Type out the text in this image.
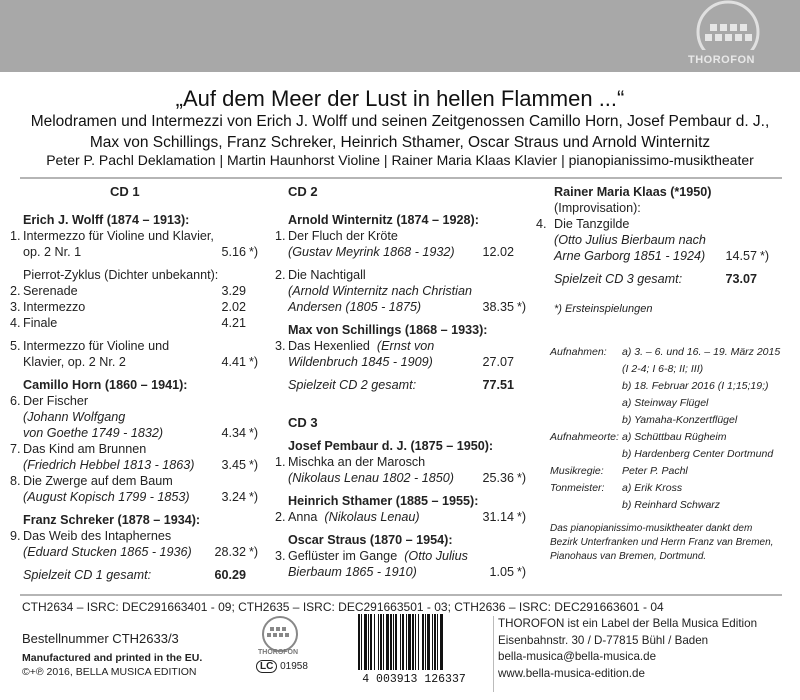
THOROFON
„Auf dem Meer der Lust in hellen Flammen ...“
Melodramen und Intermezzi von Erich J. Wolff und seinen Zeitgenossen Camillo Horn, Josef Pembaur d. J.,
Max von Schillings, Franz Schreker, Heinrich Sthamer, Oscar Straus und Arnold Winternitz
Peter P. Pachl Deklamation | Martin Haunhorst Violine | Rainer Maria Klaas Klavier | pianopianissimo-musiktheater
CD 1
Erich J. Wolff (1874 – 1913):
1. Intermezzo für Violine und Klavier,
op. 2 Nr. 1	5.16 *)
Pierrot-Zyklus (Dichter unbekannt):
2. Serenade	3.29
3. Intermezzo	2.02
4. Finale	4.21
5. Intermezzo für Violine und
Klavier, op. 2 Nr. 2	4.41 *)
Camillo Horn (1860 – 1941):
6. Der Fischer
(Johann Wolfgang
von Goethe 1749 - 1832)	4.34 *)
7. Das Kind am Brunnen
(Friedrich Hebbel 1813 - 1863)	3.45 *)
8. Die Zwerge auf dem Baum
(August Kopisch 1799 - 1853)	3.24 *)
Franz Schreker (1878 – 1934):
9. Das Weib des Intaphernes
(Eduard Stucken 1865 - 1936)	28.32 *)
Spielzeit CD 1 gesamt:	60.29
CD 2
Arnold Winternitz (1874 – 1928):
1. Der Fluch der Kröte
(Gustav Meyrink 1868 - 1932)	12.02
2. Die Nachtigall
(Arnold Winternitz nach Christian
Andersen (1805 - 1875)	38.35 *)
Max von Schillings (1868 – 1933):
3. Das Hexenlied (Ernst von
Wildenbruch 1845 - 1909)	27.07
Spielzeit CD 2 gesamt:	77.51
CD 3
Josef Pembaur d. J. (1875 – 1950):
1. Mischka an der Marosch
(Nikolaus Lenau 1802 - 1850)	25.36 *)
Heinrich Sthamer (1885 – 1955):
2. Anna (Nikolaus Lenau)	31.14 *)
Oscar Straus (1870 – 1954):
3. Geflüster im Gange (Otto Julius
Bierbaum 1865 - 1910)	1.05 *)
Rainer Maria Klaas (*1950)
(Improvisation):
4. Die Tanzgilde
(Otto Julius Bierbaum nach
Arne Garborg 1851 - 1924)	14.57 *)
Spielzeit CD 3 gesamt:	73.07
*) Ersteinspielungen
Aufnahmen: a) 3. – 6. und 16. – 19. März 2015
(I 2-4; I 6-8; II; III)
b) 18. Februar 2016 (I 1;15;19;)
a) Steinway Flügel
b) Yamaha-Konzertflügel
Aufnahmeorte: a) Schüttbau Rügheim
b) Hardenberg Center Dortmund
Musikregie: Peter P. Pachl
Tonmeister: a) Erik Kross
b) Reinhard Schwarz
Das pianopianissimo-musiktheater dankt dem
Bezirk Unterfranken und Herrn Franz van Bremen,
Pianohaus van Bremen, Dortmund.
CTH2634 – ISRC: DEC291663401 - 09; CTH2635 – ISRC: DEC291663501 - 03; CTH2636 – ISRC: DEC291663601 - 04
Bestellnummer CTH2633/3
Manufactured and printed in the EU.
©+℗ 2016, BELLA MUSICA EDITION
THOROFON
LC 01958
4 003913 126337
THOROFON ist ein Label der Bella Musica Edition
Eisenbahnstr. 30 / D-77815 Bühl / Baden
bella-musica@bella-musica.de
www.bella-musica-edition.de
